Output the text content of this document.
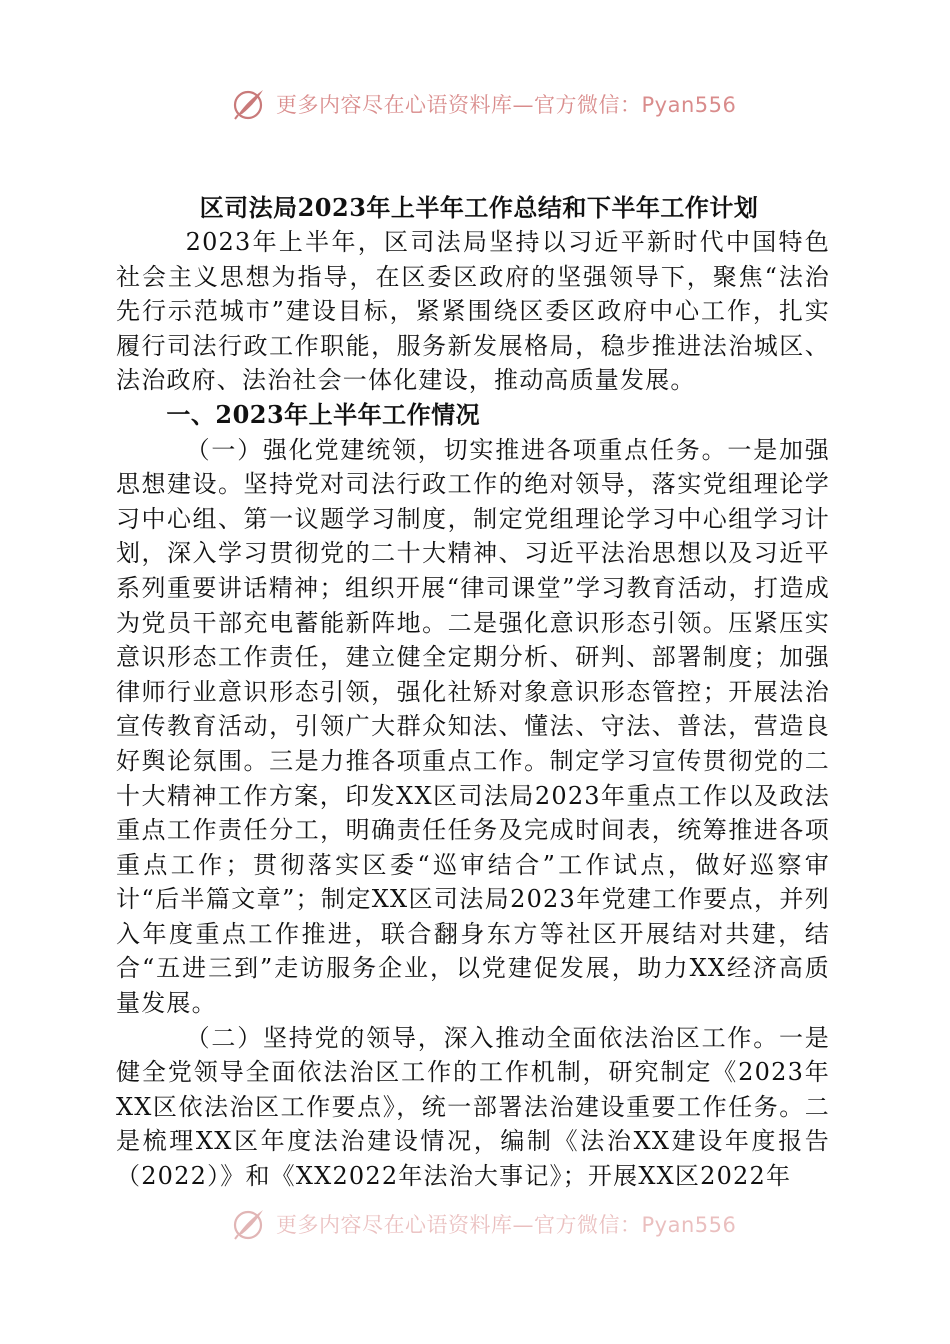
更多内容尽在心语资料库—官方微信：Pyan556
区司法局2023年上半年工作总结和下半年工作计划

2023年上半年，区司法局坚持以习近平新时代中国特色社会主义思想为指导，在区委区政府的坚强领导下，聚焦“法治先行示范城市”建设目标，紧紧围绕区委区政府中心工作，扎实履行司法行政工作职能，服务新发展格局，稳步推进法治城区、法治政府、法治社会一体化建设，推动高质量发展。

一、2023年上半年工作情况

（一）强化党建统领，切实推进各项重点任务。一是加强思想建设。坚持党对司法行政工作的绝对领导，落实党组理论学习中心组、第一议题学习制度，制定党组理论学习中心组学习计划，深入学习贯彻党的二十大精神、习近平法治思想以及习近平系列重要讲话精神；组织开展“律司课堂”学习教育活动，打造成为党员干部充电蓄能新阵地。二是强化意识形态引领。压紧压实意识形态工作责任，建立健全定期分析、研判、部署制度；加强律师行业意识形态引领，强化社矫对象意识形态管控；开展法治宣传教育活动，引领广大群众知法、懂法、守法、普法，营造良好舆论氛围。三是力推各项重点工作。制定学习宣传贯彻党的二十大精神工作方案，印发XX区司法局2023年重点工作以及政法重点工作责任分工，明确责任任务及完成时间表，统筹推进各项重点工作；贯彻落实区委“巡审结合”工作试点，做好巡察审计“后半篇文章”；制定XX区司法局2023年党建工作要点，并列入年度重点工作推进，联合翻身东方等社区开展结对共建，结合“五进三到”走访服务企业，以党建促发展，助力XX经济高质量发展。

（二）坚持党的领导，深入推动全面依法治区工作。一是健全党领导全面依法治区工作的工作机制，研究制定《2023年XX区依法治区工作要点》，统一部署法治建设重要工作任务。二是梳理XX区年度法治建设情况，编制《法治XX建设年度报告（2022）》和《XX2022年法治大事记》；开展XX区2022年

更多内容尽在心语资料库—官方微信：Pyan556
